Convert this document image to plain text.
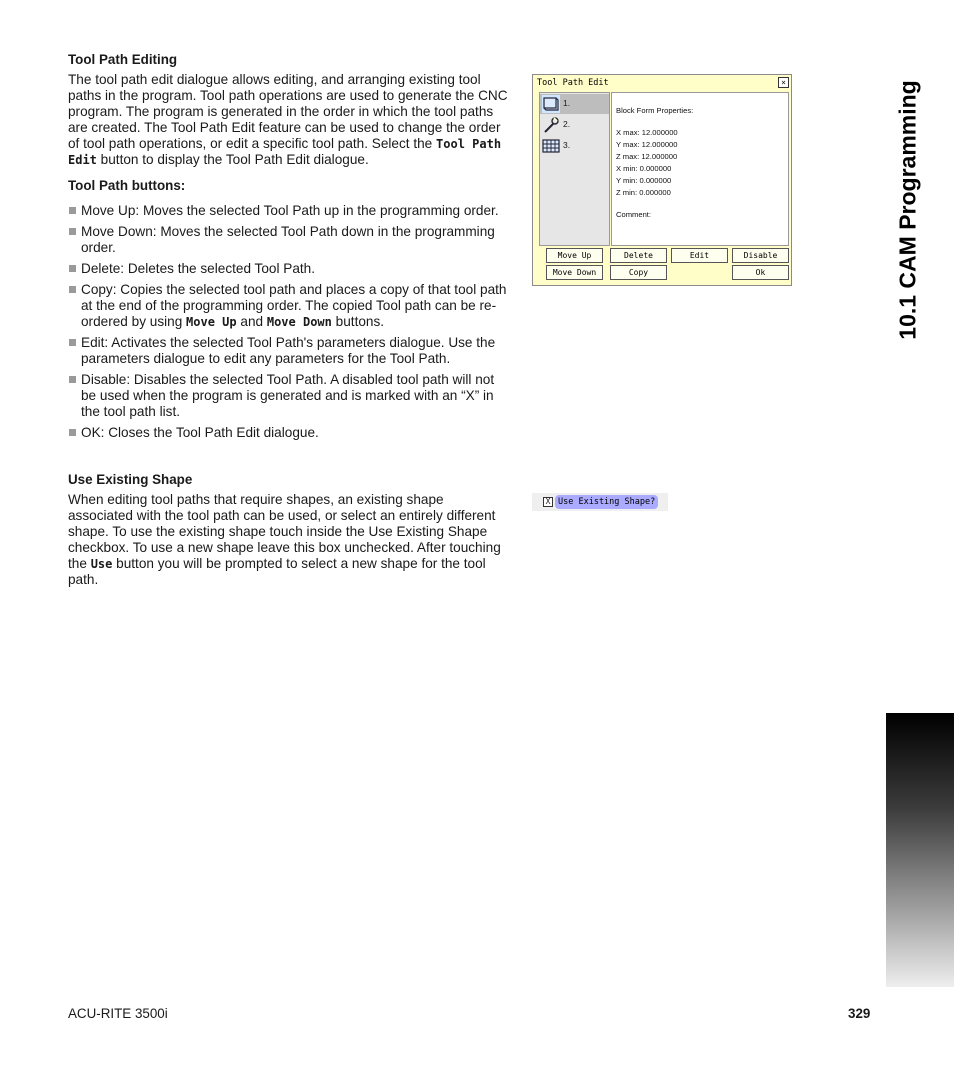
10.1 CAM Programming
Tool Path Editing

The tool path edit dialogue allows editing, and arranging existing tool paths in the program. Tool path operations are used to generate the CNC program. The program is generated in the order in which the tool paths are created. The Tool Path Edit feature can be used to change the order of tool path operations, or edit a specific tool path. Select the Tool Path Edit button to display the Tool Path Edit dialogue.

Tool Path buttons:
Move Up: Moves the selected Tool Path up in the programming order.
Move Down: Moves the selected Tool Path down in the programming order.
Delete: Deletes the selected Tool Path.
Copy: Copies the selected tool path and places a copy of that tool path at the end of the programming order. The copied Tool path can be re-ordered by using Move Up and Move Down buttons.
Edit: Activates the selected Tool Path's parameters dialogue. Use the parameters dialogue to edit any parameters for the Tool Path.
Disable: Disables the selected Tool Path. A disabled tool path will not be used when the program is generated and is marked with an “X” in the tool path list.
OK: Closes the Tool Path Edit dialogue.
Use Existing Shape

When editing tool paths that require shapes, an existing shape associated with the tool path can be used, or select an entirely different shape. To use the existing shape touch inside the Use Existing Shape checkbox. To use a new shape leave this box unchecked. After touching the Use button you will be prompted to select a new shape for the tool path.

Tool Path Edit	×
1.
2.
3.
Block Form Properties:
X max: 12.000000
Y max: 12.000000
Z max: 12.000000
X min: 0.000000
Y min: 0.000000
Z min: 0.000000
Comment:
Move Up	Delete	Edit	Disable
Move Down	Copy	Ok
X Use Existing Shape?
ACU-RITE 3500i	329
